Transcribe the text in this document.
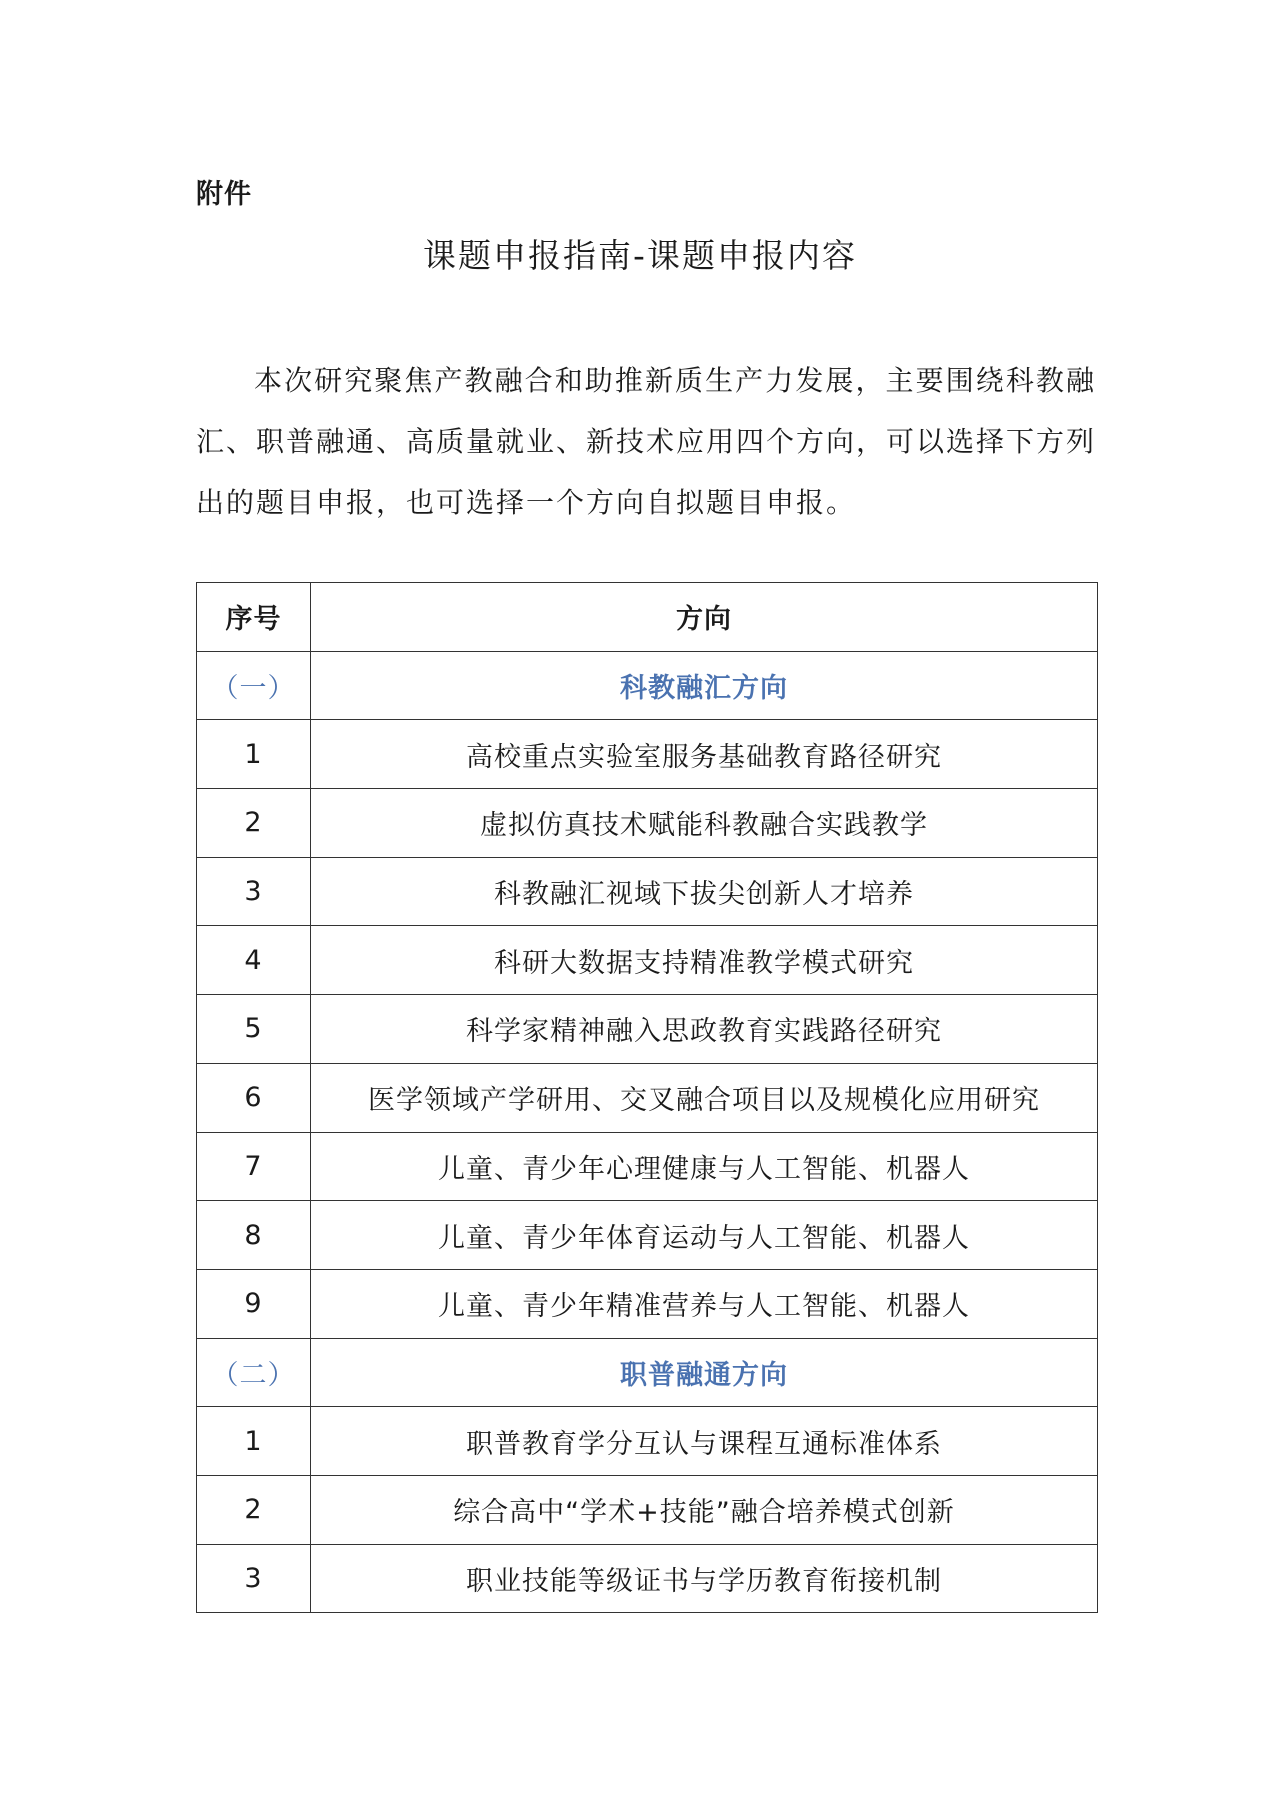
附件
课题申报指南-课题申报内容

本次研究聚焦产教融合和助推新质生产力发展，主要围绕科教融汇、职普融通、高质量就业、新技术应用四个方向，可以选择下方列出的题目申报，也可选择一个方向自拟题目申报。

序号	方向
（一）	科教融汇方向
1	高校重点实验室服务基础教育路径研究
2	虚拟仿真技术赋能科教融合实践教学
3	科教融汇视域下拔尖创新人才培养
4	科研大数据支持精准教学模式研究
5	科学家精神融入思政教育实践路径研究
6	医学领域产学研用、交叉融合项目以及规模化应用研究
7	儿童、青少年心理健康与人工智能、机器人
8	儿童、青少年体育运动与人工智能、机器人
9	儿童、青少年精准营养与人工智能、机器人
（二）	职普融通方向
1	职普教育学分互认与课程互通标准体系
2	综合高中“学术+技能”融合培养模式创新
3	职业技能等级证书与学历教育衔接机制
